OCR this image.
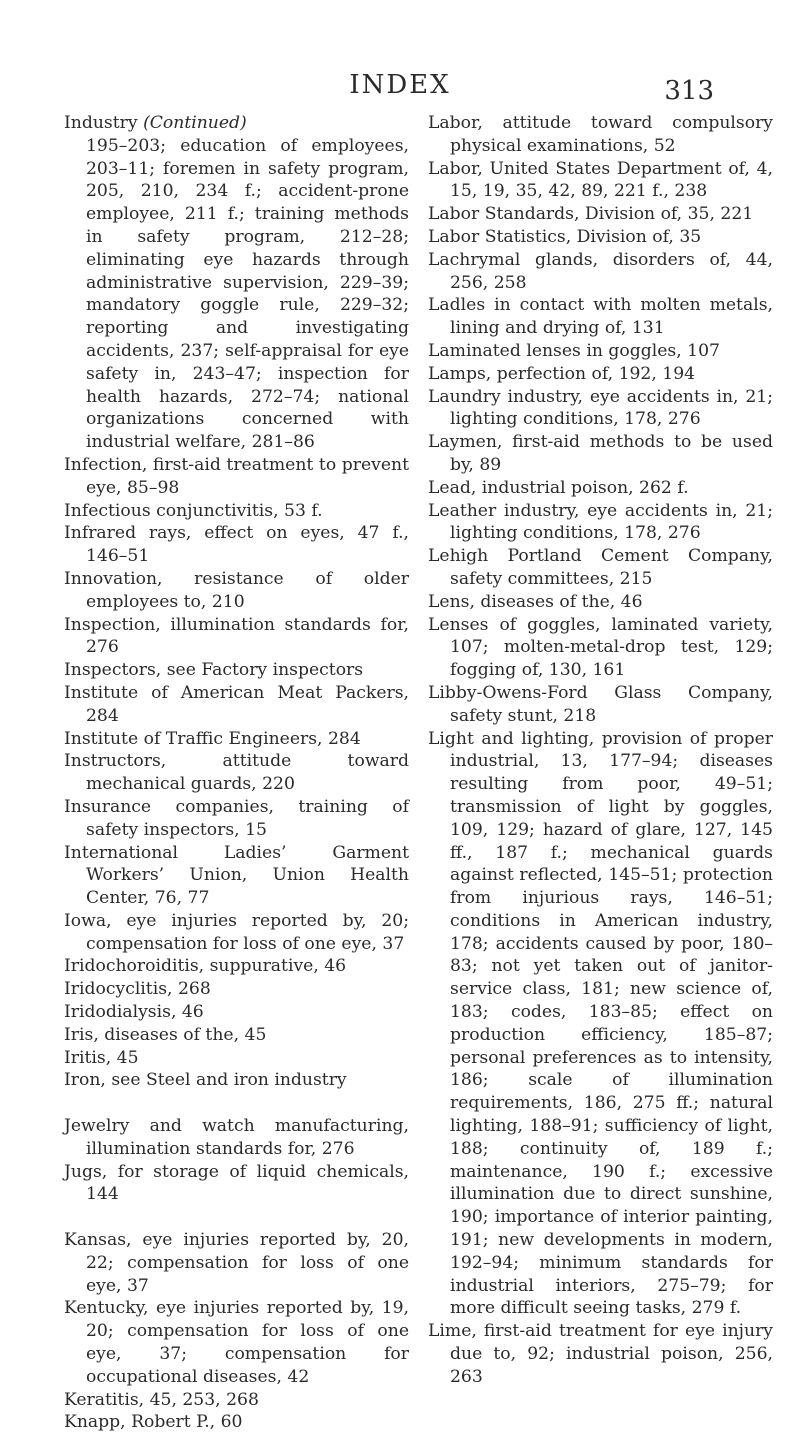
INDEX	313
Industry (Continued)
195–203; education of employees, 203–11; foremen in safety program, 205, 210, 234 f.; accident-prone employee, 211 f.; training methods in safety program, 212–28; eliminating eye hazards through administrative supervision, 229–39; mandatory goggle rule, 229–32; reporting and investigating accidents, 237; self-appraisal for eye safety in, 243–47; inspection for health hazards, 272–74; national organizations concerned with industrial welfare, 281–86
Infection, first-aid treatment to prevent eye, 85–98
Infectious conjunctivitis, 53 f.
Infrared rays, effect on eyes, 47 f., 146–51
Innovation, resistance of older employees to, 210
Inspection, illumination standards for, 276
Inspectors, see Factory inspectors
Institute of American Meat Packers, 284
Institute of Traffic Engineers, 284
Instructors, attitude toward mechanical guards, 220
Insurance companies, training of safety inspectors, 15
International Ladies’ Garment Workers’ Union, Union Health Center, 76, 77
Iowa, eye injuries reported by, 20; compensation for loss of one eye, 37
Iridochoroiditis, suppurative, 46
Iridocyclitis, 268
Iridodialysis, 46
Iris, diseases of the, 45
Iritis, 45
Iron, see Steel and iron industry
Jewelry and watch manufacturing, illumination standards for, 276
Jugs, for storage of liquid chemicals, 144
Kansas, eye injuries reported by, 20, 22; compensation for loss of one eye, 37
Kentucky, eye injuries reported by, 19, 20; compensation for loss of one eye, 37; compensation for occupational diseases, 42
Keratitis, 45, 253, 268
Knapp, Robert P., 60
Labor, attitude toward compulsory physical examinations, 52
Labor, United States Department of, 4, 15, 19, 35, 42, 89, 221 f., 238
Labor Standards, Division of, 35, 221
Labor Statistics, Division of, 35
Lachrymal glands, disorders of, 44, 256, 258
Ladles in contact with molten metals, lining and drying of, 131
Laminated lenses in goggles, 107
Lamps, perfection of, 192, 194
Laundry industry, eye accidents in, 21; lighting conditions, 178, 276
Laymen, first-aid methods to be used by, 89
Lead, industrial poison, 262 f.
Leather industry, eye accidents in, 21; lighting conditions, 178, 276
Lehigh Portland Cement Company, safety committees, 215
Lens, diseases of the, 46
Lenses of goggles, laminated variety, 107; molten-metal-drop test, 129; fogging of, 130, 161
Libby-Owens-Ford Glass Company, safety stunt, 218
Light and lighting, provision of proper industrial, 13, 177–94; diseases resulting from poor, 49–51; transmission of light by goggles, 109, 129; hazard of glare, 127, 145 ff., 187 f.; mechanical guards against reflected, 145–51; protection from injurious rays, 146–51; conditions in American industry, 178; accidents caused by poor, 180–83; not yet taken out of janitor-service class, 181; new science of, 183; codes, 183–85; effect on production efficiency, 185–87; personal preferences as to intensity, 186; scale of illumination requirements, 186, 275 ff.; natural lighting, 188–91; sufficiency of light, 188; continuity of, 189 f.; maintenance, 190 f.; excessive illumination due to direct sunshine, 190; importance of interior painting, 191; new developments in modern, 192–94; minimum standards for industrial interiors, 275–79; for more difficult seeing tasks, 279 f.
Lime, first-aid treatment for eye injury due to, 92; industrial poison, 256, 263
